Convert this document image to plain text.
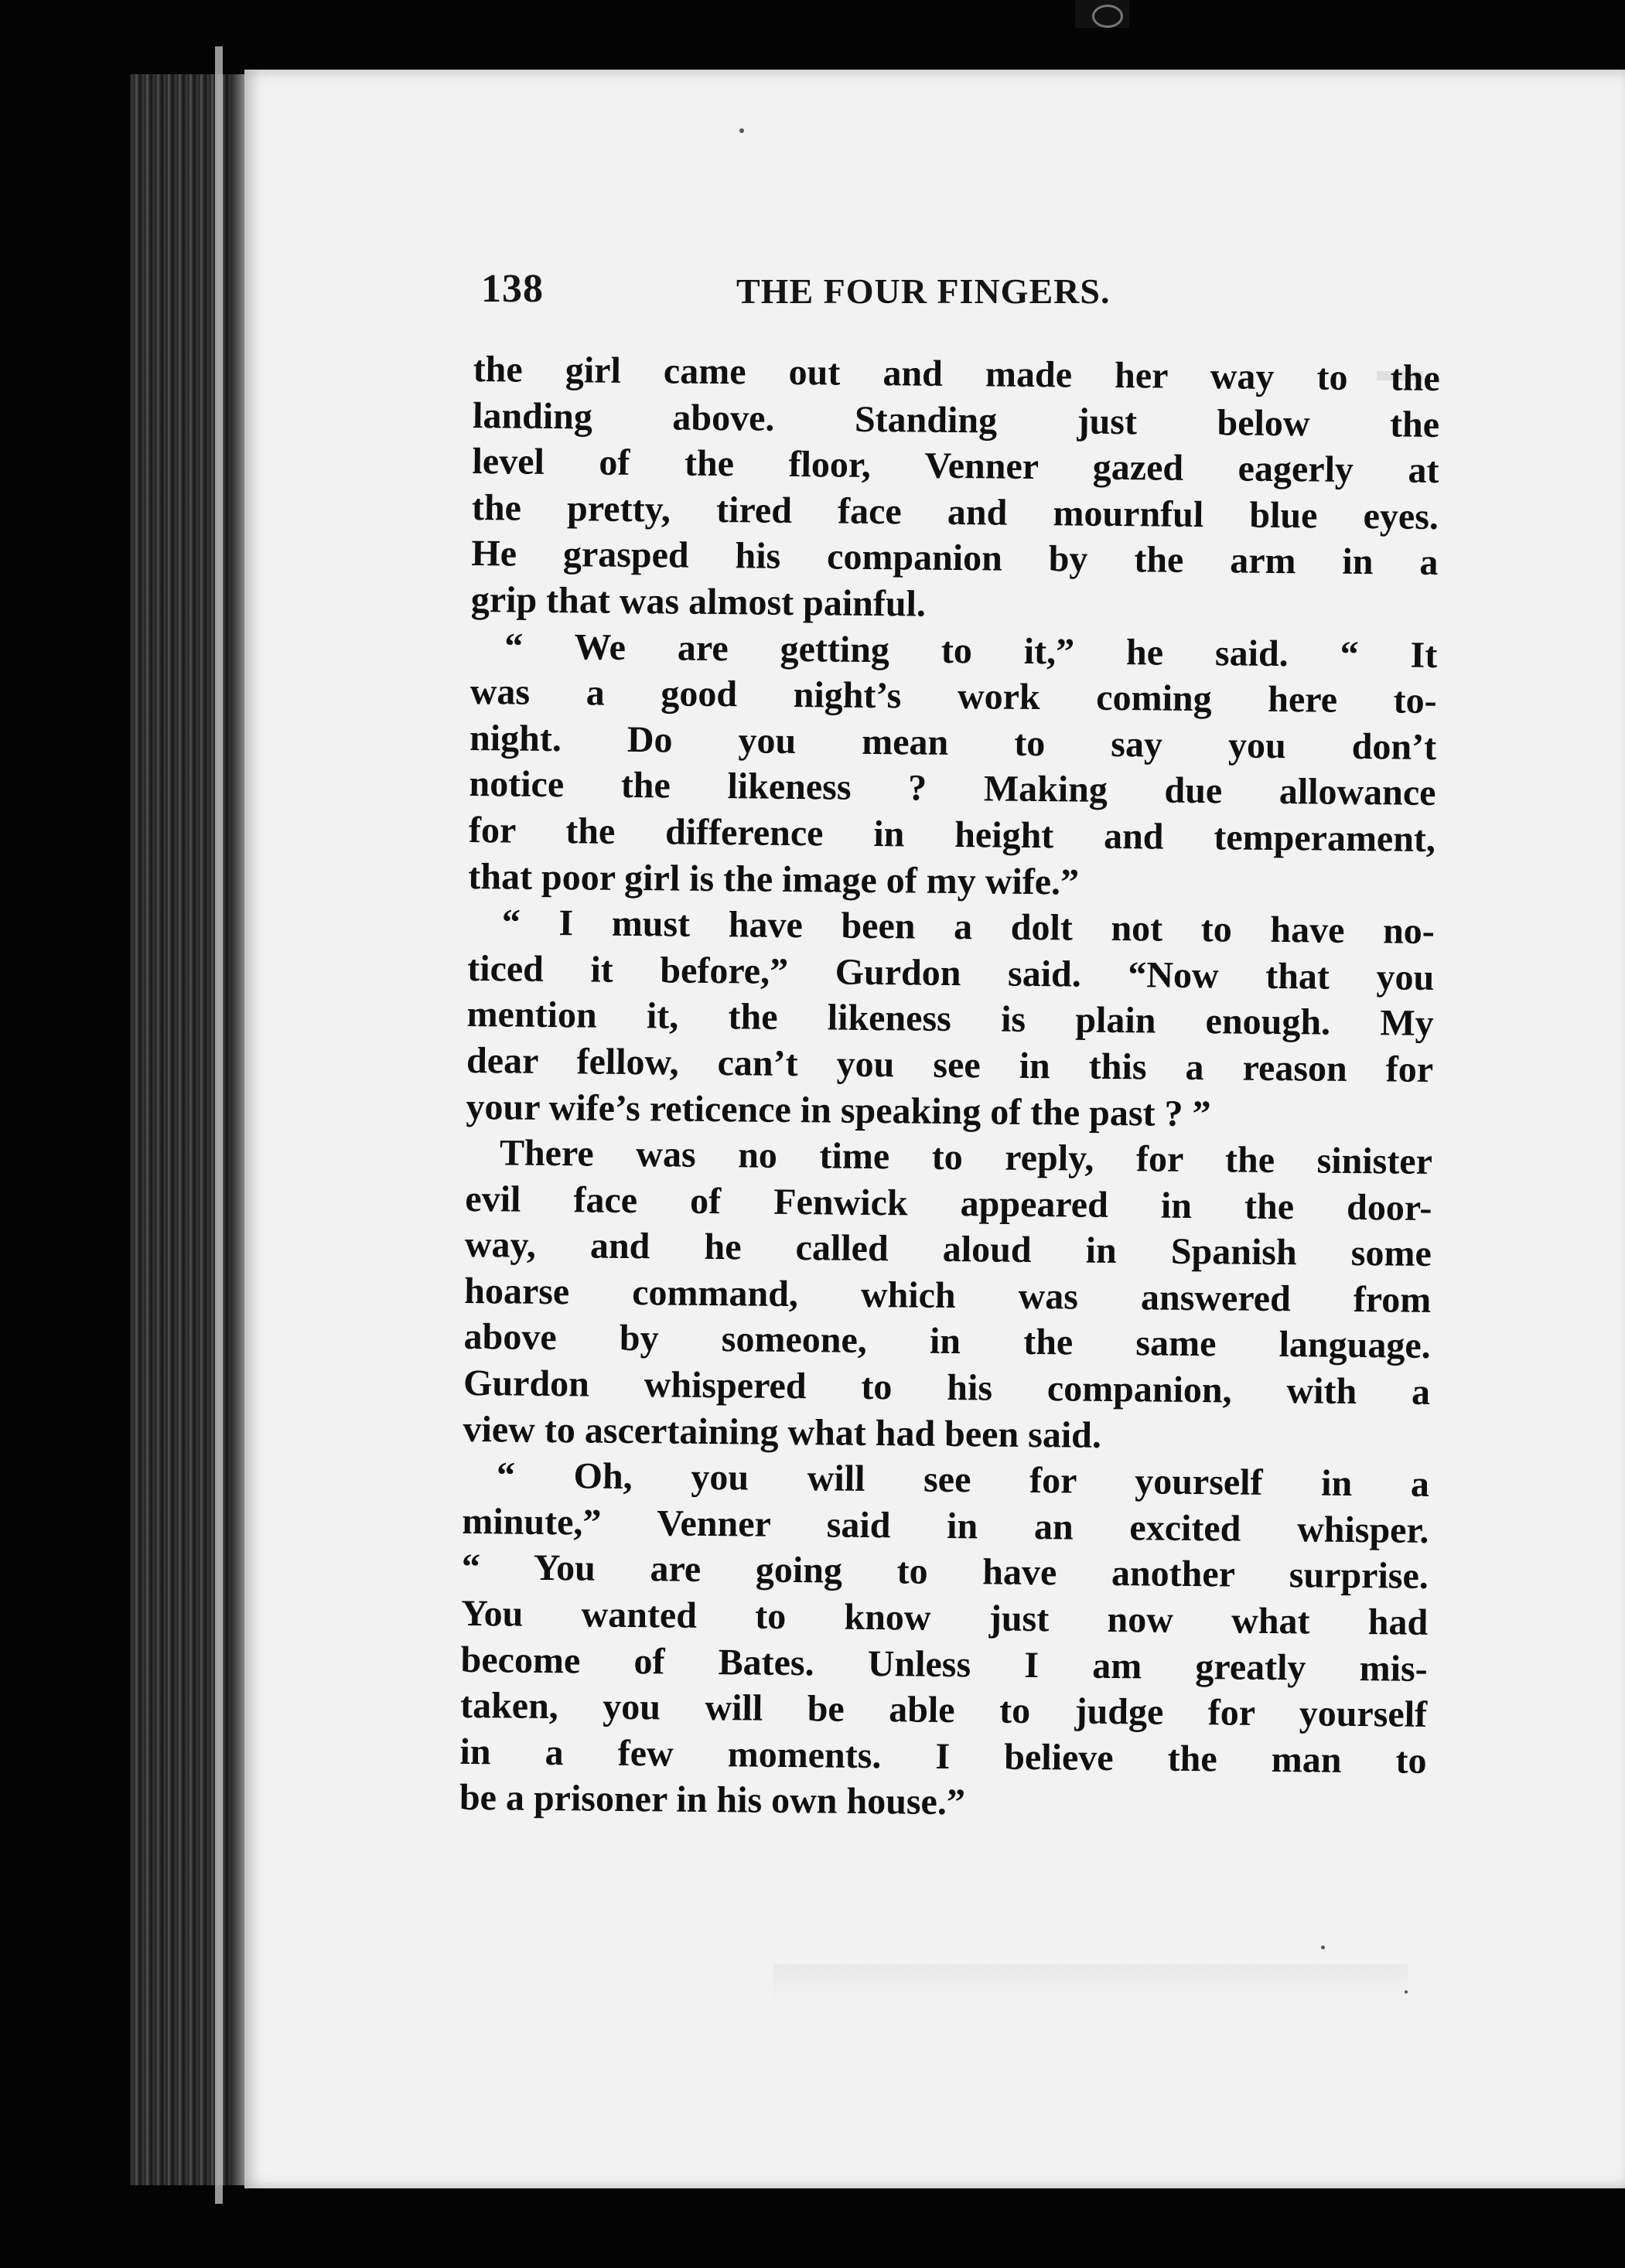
138	THE FOUR FINGERS.
the girl came out and made her way to the
landing above. Standing just below the
level of the floor, Venner gazed eagerly at
the pretty, tired face and mournful blue eyes.
He grasped his companion by the arm in a
grip that was almost painful.
“ We are getting to it,” he said. “ It
was a good night’s work coming here to-
night. Do you mean to say you don’t
notice the likeness ? Making due allowance
for the difference in height and temperament,
that poor girl is the image of my wife.”
“ I must have been a dolt not to have no-
ticed it before,” Gurdon said. “Now that you
mention it, the likeness is plain enough. My
dear fellow, can’t you see in this a reason for
your wife’s reticence in speaking of the past ? ”
There was no time to reply, for the sinister
evil face of Fenwick appeared in the door-
way, and he called aloud in Spanish some
hoarse command, which was answered from
above by someone, in the same language.
Gurdon whispered to his companion, with a
view to ascertaining what had been said.
“ Oh, you will see for yourself in a
minute,” Venner said in an excited whisper.
“ You are going to have another surprise.
You wanted to know just now what had
become of Bates. Unless I am greatly mis-
taken, you will be able to judge for yourself
in a few moments. I believe the man to
be a prisoner in his own house.”
